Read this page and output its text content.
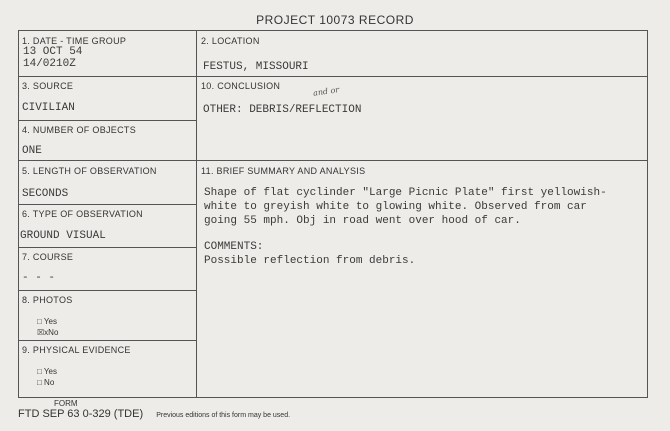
PROJECT 10073 RECORD
1. DATE - TIME GROUP
13 OCT 54
14/0210Z
2. LOCATION
FESTUS, MISSOURI
3. SOURCE
CIVILIAN
10. CONCLUSION	and or
OTHER: DEBRIS/REFLECTION
4. NUMBER OF OBJECTS
ONE
5. LENGTH OF OBSERVATION
SECONDS
11. BRIEF SUMMARY AND ANALYSIS
Shape of flat cyclinder "Large Picnic Plate" first yellowish-
white to greyish white to glowing white. Observed from car
going 55 mph. Obj in road went over hood of car.
COMMENTS:
Possible reflection from debris.
6. TYPE OF OBSERVATION
GROUND VISUAL
7. COURSE
- - -
8. PHOTOS
□ Yes
☒xNo
9. PHYSICAL EVIDENCE
□ Yes
□ No
FORM
FTD SEP 63 0-329 (TDE) Previous editions of this form may be used.
